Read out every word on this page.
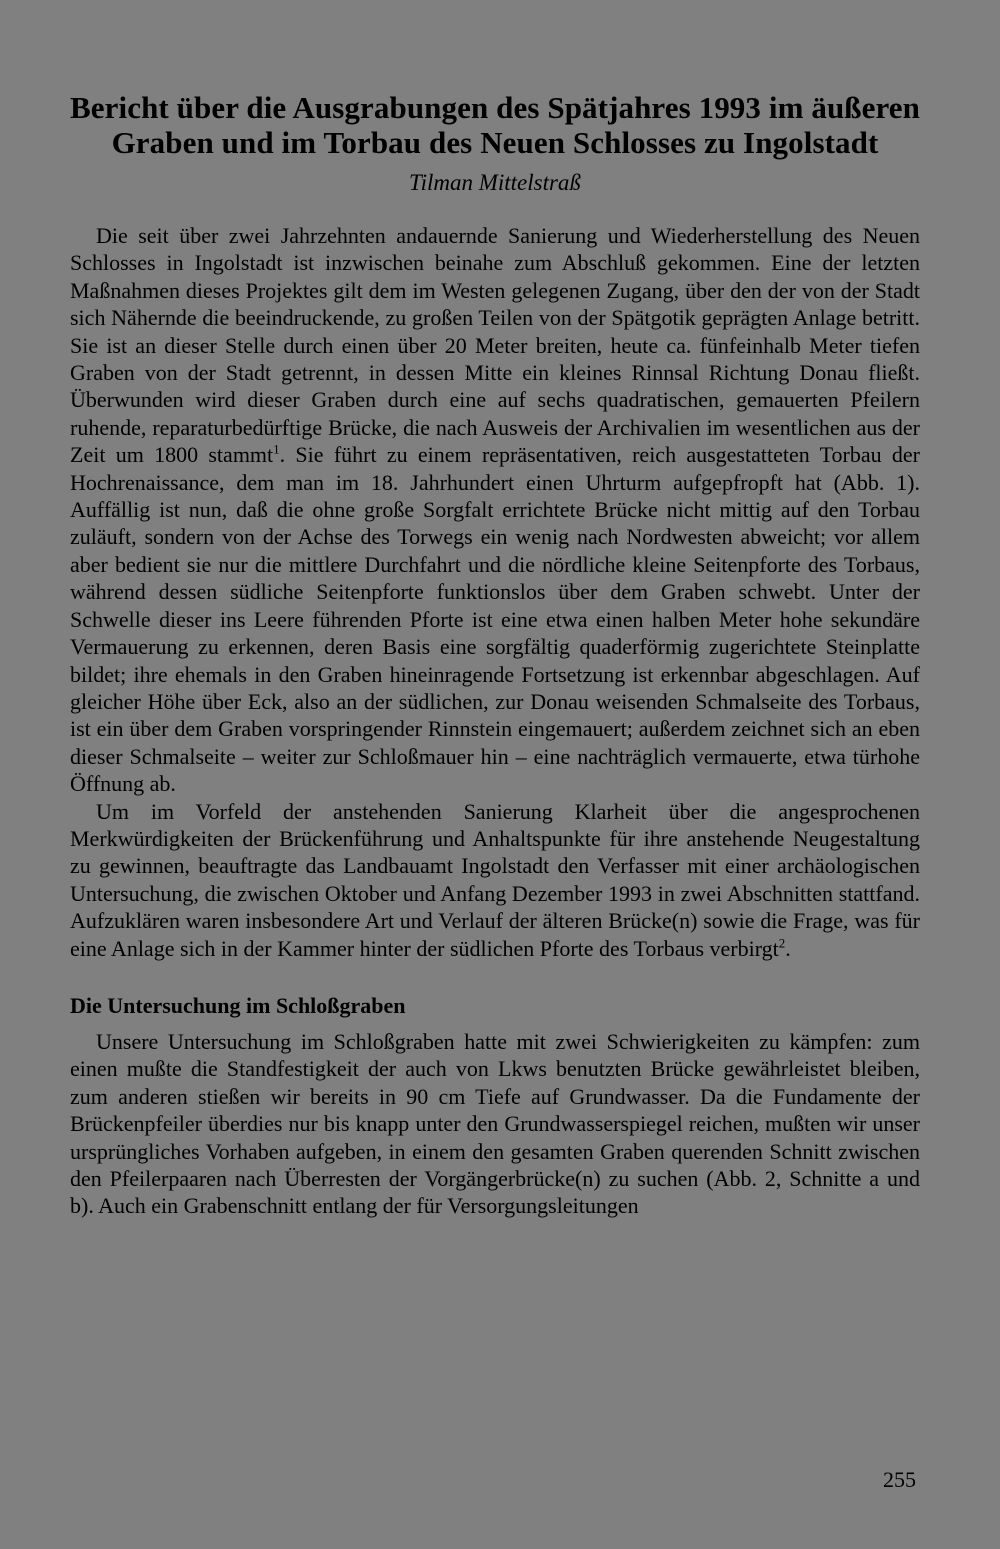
Bericht über die Ausgrabungen des Spätjahres 1993 im äußeren Graben und im Torbau des Neuen Schlosses zu Ingolstadt
Tilman Mittelstraß

Die seit über zwei Jahrzehnten andauernde Sanierung und Wiederherstellung des Neuen Schlosses in Ingolstadt ist inzwischen beinahe zum Abschluß gekommen. Eine der letzten Maßnahmen dieses Projektes gilt dem im Westen gelegenen Zugang, über den der von der Stadt sich Nähernde die beeindruckende, zu großen Teilen von der Spätgotik geprägten Anlage betritt. Sie ist an dieser Stelle durch einen über 20 Meter breiten, heute ca. fünfeinhalb Meter tiefen Graben von der Stadt getrennt, in dessen Mitte ein kleines Rinnsal Richtung Donau fließt. Überwunden wird dieser Graben durch eine auf sechs quadratischen, gemauerten Pfeilern ruhende, reparaturbedürftige Brücke, die nach Ausweis der Archivalien im wesentlichen aus der Zeit um 1800 stammt$^1$. Sie führt zu einem repräsentativen, reich ausgestatteten Torbau der Hochrenaissance, dem man im 18. Jahrhundert einen Uhrturm aufgepfropft hat (Abb. 1). Auffällig ist nun, daß die ohne große Sorgfalt errichtete Brücke nicht mittig auf den Torbau zuläuft, sondern von der Achse des Torwegs ein wenig nach Nordwesten abweicht; vor allem aber bedient sie nur die mittlere Durchfahrt und die nördliche kleine Seitenpforte des Torbaus, während dessen südliche Seitenpforte funktionslos über dem Graben schwebt. Unter der Schwelle dieser ins Leere führenden Pforte ist eine etwa einen halben Meter hohe sekundäre Vermauerung zu erkennen, deren Basis eine sorgfältig quaderförmig zugerichtete Steinplatte bildet; ihre ehemals in den Graben hineinragende Fortsetzung ist erkennbar abgeschlagen. Auf gleicher Höhe über Eck, also an der südlichen, zur Donau weisenden Schmalseite des Torbaus, ist ein über dem Graben vorspringender Rinnstein eingemauert; außerdem zeichnet sich an eben dieser Schmalseite – weiter zur Schloßmauer hin – eine nachträglich vermauerte, etwa türhohe Öffnung ab.

Um im Vorfeld der anstehenden Sanierung Klarheit über die angesprochenen Merkwürdigkeiten der Brückenführung und Anhaltspunkte für ihre anstehende Neugestaltung zu gewinnen, beauftragte das Landbauamt Ingolstadt den Verfasser mit einer archäologischen Untersuchung, die zwischen Oktober und Anfang Dezember 1993 in zwei Abschnitten stattfand. Aufzuklären waren insbesondere Art und Verlauf der älteren Brücke(n) sowie die Frage, was für eine Anlage sich in der Kammer hinter der südlichen Pforte des Torbaus verbirgt$^2$.

Die Untersuchung im Schloßgraben

Unsere Untersuchung im Schloßgraben hatte mit zwei Schwierigkeiten zu kämpfen: zum einen mußte die Standfestigkeit der auch von Lkws benutzten Brücke gewährleistet bleiben, zum anderen stießen wir bereits in 90 cm Tiefe auf Grundwasser. Da die Fundamente der Brückenpfeiler überdies nur bis knapp unter den Grundwasserspiegel reichen, mußten wir unser ursprüngliches Vorhaben aufgeben, in einem den gesamten Graben querenden Schnitt zwischen den Pfeilerpaaren nach Überresten der Vorgängerbrücke(n) zu suchen (Abb. 2, Schnitte a und b). Auch ein Grabenschnitt entlang der für Versorgungsleitungen

255
